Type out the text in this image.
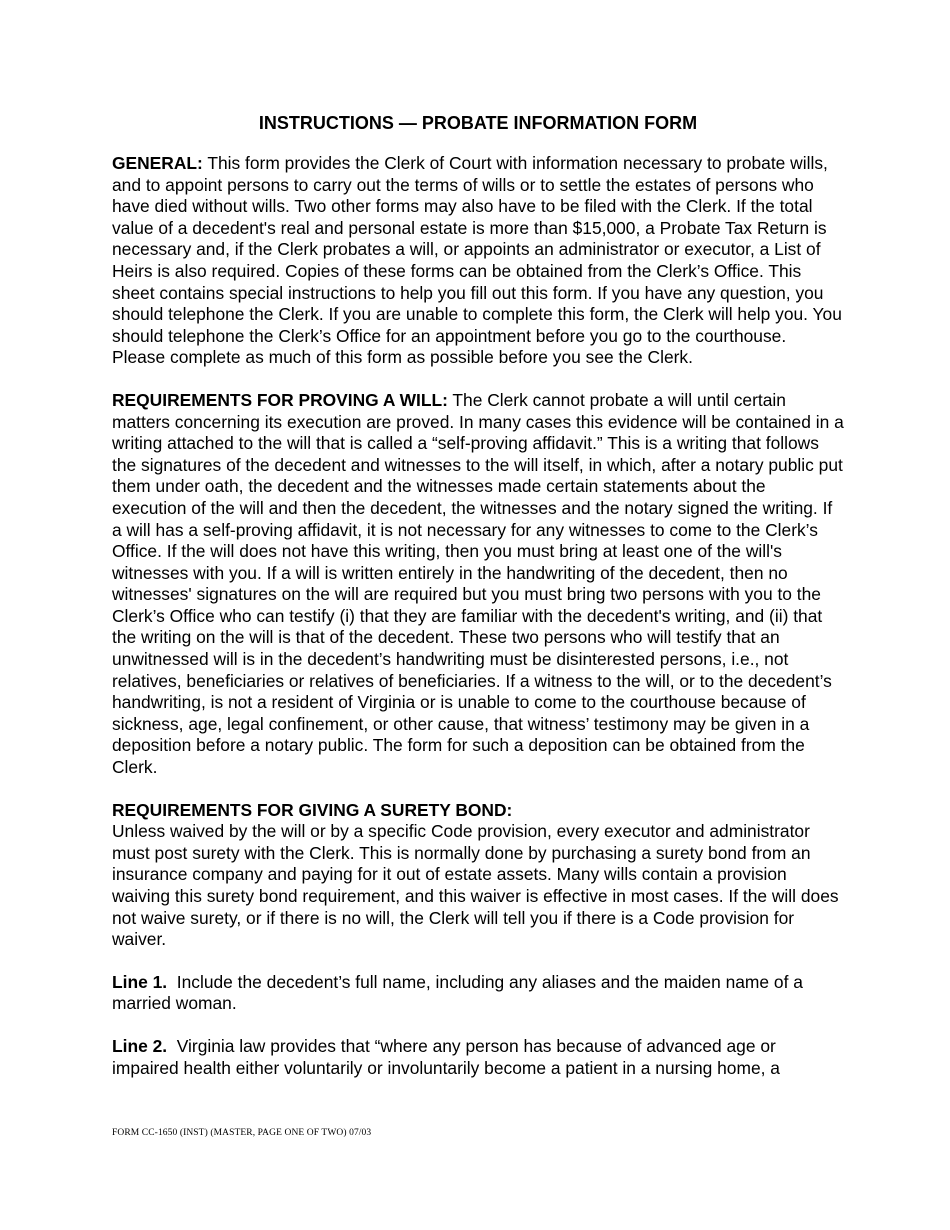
INSTRUCTIONS — PROBATE INFORMATION FORM

GENERAL: This form provides the Clerk of Court with information necessary to probate wills, and to appoint persons to carry out the terms of wills or to settle the estates of persons who have died without wills. Two other forms may also have to be filed with the Clerk. If the total value of a decedent's real and personal estate is more than $15,000, a Probate Tax Return is necessary and, if the Clerk probates a will, or appoints an administrator or executor, a List of Heirs is also required. Copies of these forms can be obtained from the Clerk’s Office. This sheet contains special instructions to help you fill out this form. If you have any question, you should telephone the Clerk. If you are unable to complete this form, the Clerk will help you. You should telephone the Clerk’s Office for an appointment before you go to the courthouse. Please complete as much of this form as possible before you see the Clerk.

REQUIREMENTS FOR PROVING A WILL: The Clerk cannot probate a will until certain matters concerning its execution are proved. In many cases this evidence will be contained in a writing attached to the will that is called a “self-proving affidavit.” This is a writing that follows the signatures of the decedent and witnesses to the will itself, in which, after a notary public put them under oath, the decedent and the witnesses made certain statements about the execution of the will and then the decedent, the witnesses and the notary signed the writing. If a will has a self-proving affidavit, it is not necessary for any witnesses to come to the Clerk’s Office. If the will does not have this writing, then you must bring at least one of the will's witnesses with you. If a will is written entirely in the handwriting of the decedent, then no witnesses' signatures on the will are required but you must bring two persons with you to the Clerk’s Office who can testify (i) that they are familiar with the decedent's writing, and (ii) that the writing on the will is that of the decedent. These two persons who will testify that an unwitnessed will is in the decedent’s handwriting must be disinterested persons, i.e., not relatives, beneficiaries or relatives of beneficiaries. If a witness to the will, or to the decedent’s handwriting, is not a resident of Virginia or is unable to come to the courthouse because of sickness, age, legal confinement, or other cause, that witness’ testimony may be given in a deposition before a notary public. The form for such a deposition can be obtained from the Clerk.

REQUIREMENTS FOR GIVING A SURETY BOND:
Unless waived by the will or by a specific Code provision, every executor and administrator must post surety with the Clerk. This is normally done by purchasing a surety bond from an insurance company and paying for it out of estate assets. Many wills contain a provision waiving this surety bond requirement, and this waiver is effective in most cases. If the will does not waive surety, or if there is no will, the Clerk will tell you if there is a Code provision for waiver.

Line 1.  Include the decedent’s full name, including any aliases and the maiden name of a married woman.

Line 2.  Virginia law provides that “where any person has because of advanced age or impaired health either voluntarily or involuntarily become a patient in a nursing home, a

FORM CC-1650 (INST) (MASTER, PAGE ONE OF TWO) 07/03
